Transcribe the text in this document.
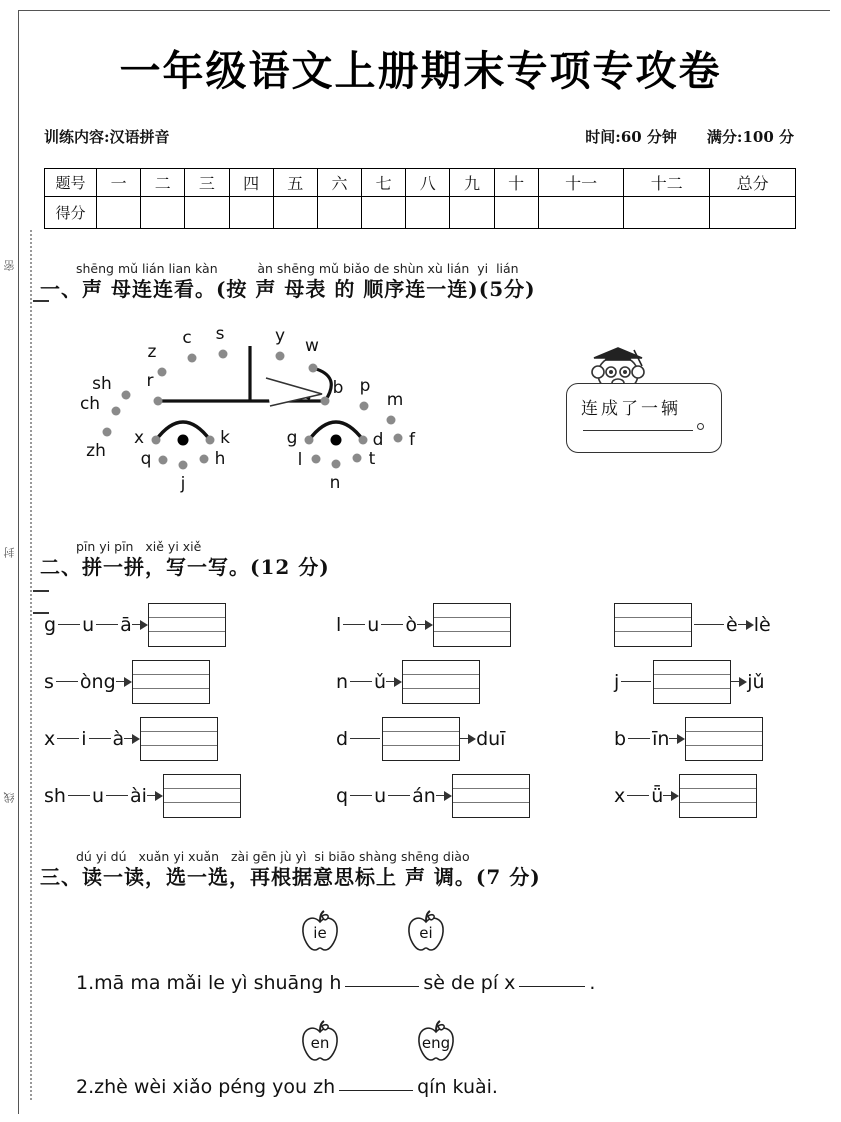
密
封
线
一年级语文上册期末专项专攻卷
训练内容:汉语拼音	时间:60 分钟 满分:100 分
题号	一	二	三	四	五	六	七	八	九	十	十一	十二	总分
得分													
shēng mǔ lián lian kàn          àn shēng mǔ biǎo de shùn xù lián  yi  lián
一、声 母连连看。(按 声 母表 的 顺序连一连)(5分)
z
c s	y w
r
sh
ch
zh
x	k
q	h
j
b p
m
f
g	d
l	t
n
连成了一辆
pīn yi pīn   xiě yi xiě
二、拼一拼，写一写。(12 分)
g u ā	l u ò	è lè
s òng	n ǔ	j	jǔ
x i à	d	duī	b īn
sh u ài	q u án	x ǖ
dú yi dú   xuǎn yi xuǎn   zài gēn jù yì  si biāo shàng shēng diào
三、读一读，选一选，再根据意思标上 声 调。(7 分)
ie	ei
1.mā ma mǎi le yì shuāng h	sè de pí x	.
en	eng
2.zhè wèi xiǎo péng you zh	qín kuài.
